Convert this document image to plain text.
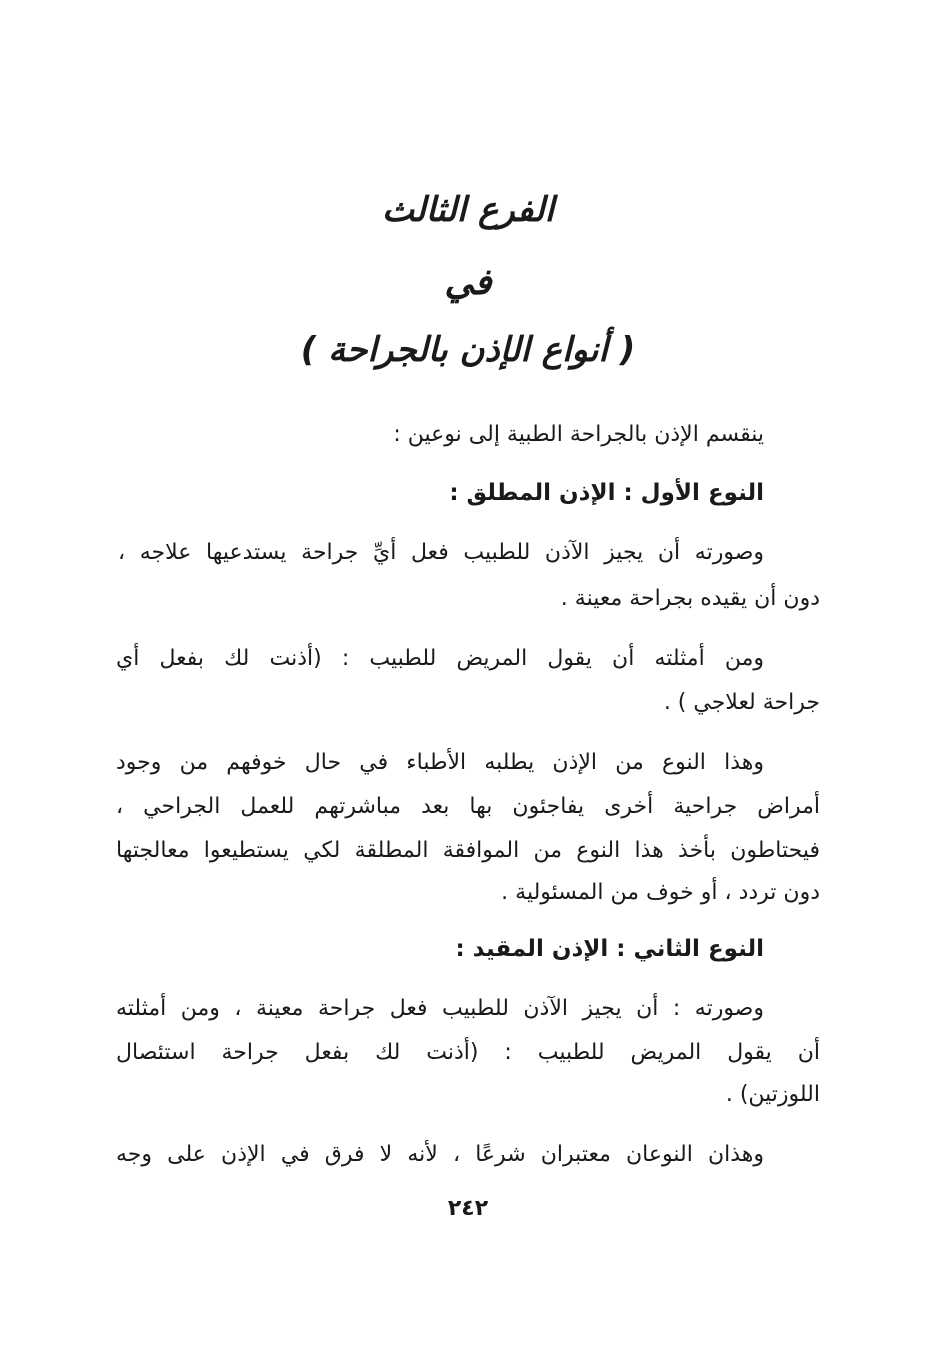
الفرع الثالث
في
( أنواع الإذن بالجراحة )
ينقسم الإذن بالجراحة الطبية إلى نوعين :
النوع الأول : الإذن المطلق :
وصورته أن يجيز الآذن للطبيب فعل أيِّ جراحة يستدعيها علاجه ،
دون أن يقيده بجراحة معينة .
ومن أمثلته أن يقول المريض للطبيب : (أذنت لك بفعل أي
جراحة لعلاجي ) .
وهذا النوع من الإذن يطلبه الأطباء في حال خوفهم من وجود
أمراض جراحية أخرى يفاجئون بها بعد مباشرتهم للعمل الجراحي ،
فيحتاطون بأخذ هذا النوع من الموافقة المطلقة لكي يستطيعوا معالجتها
دون تردد ، أو خوف من المسئولية .
النوع الثاني : الإذن المقيد :
وصورته : أن يجيز الآذن للطبيب فعل جراحة معينة ، ومن أمثلته
أن يقول المريض للطبيب : (أذنت لك بفعل جراحة استئصال
اللوزتين) .
وهذان النوعان معتبران شرعًا ، لأنه لا فرق في الإذن على وجه
٢٤٢
